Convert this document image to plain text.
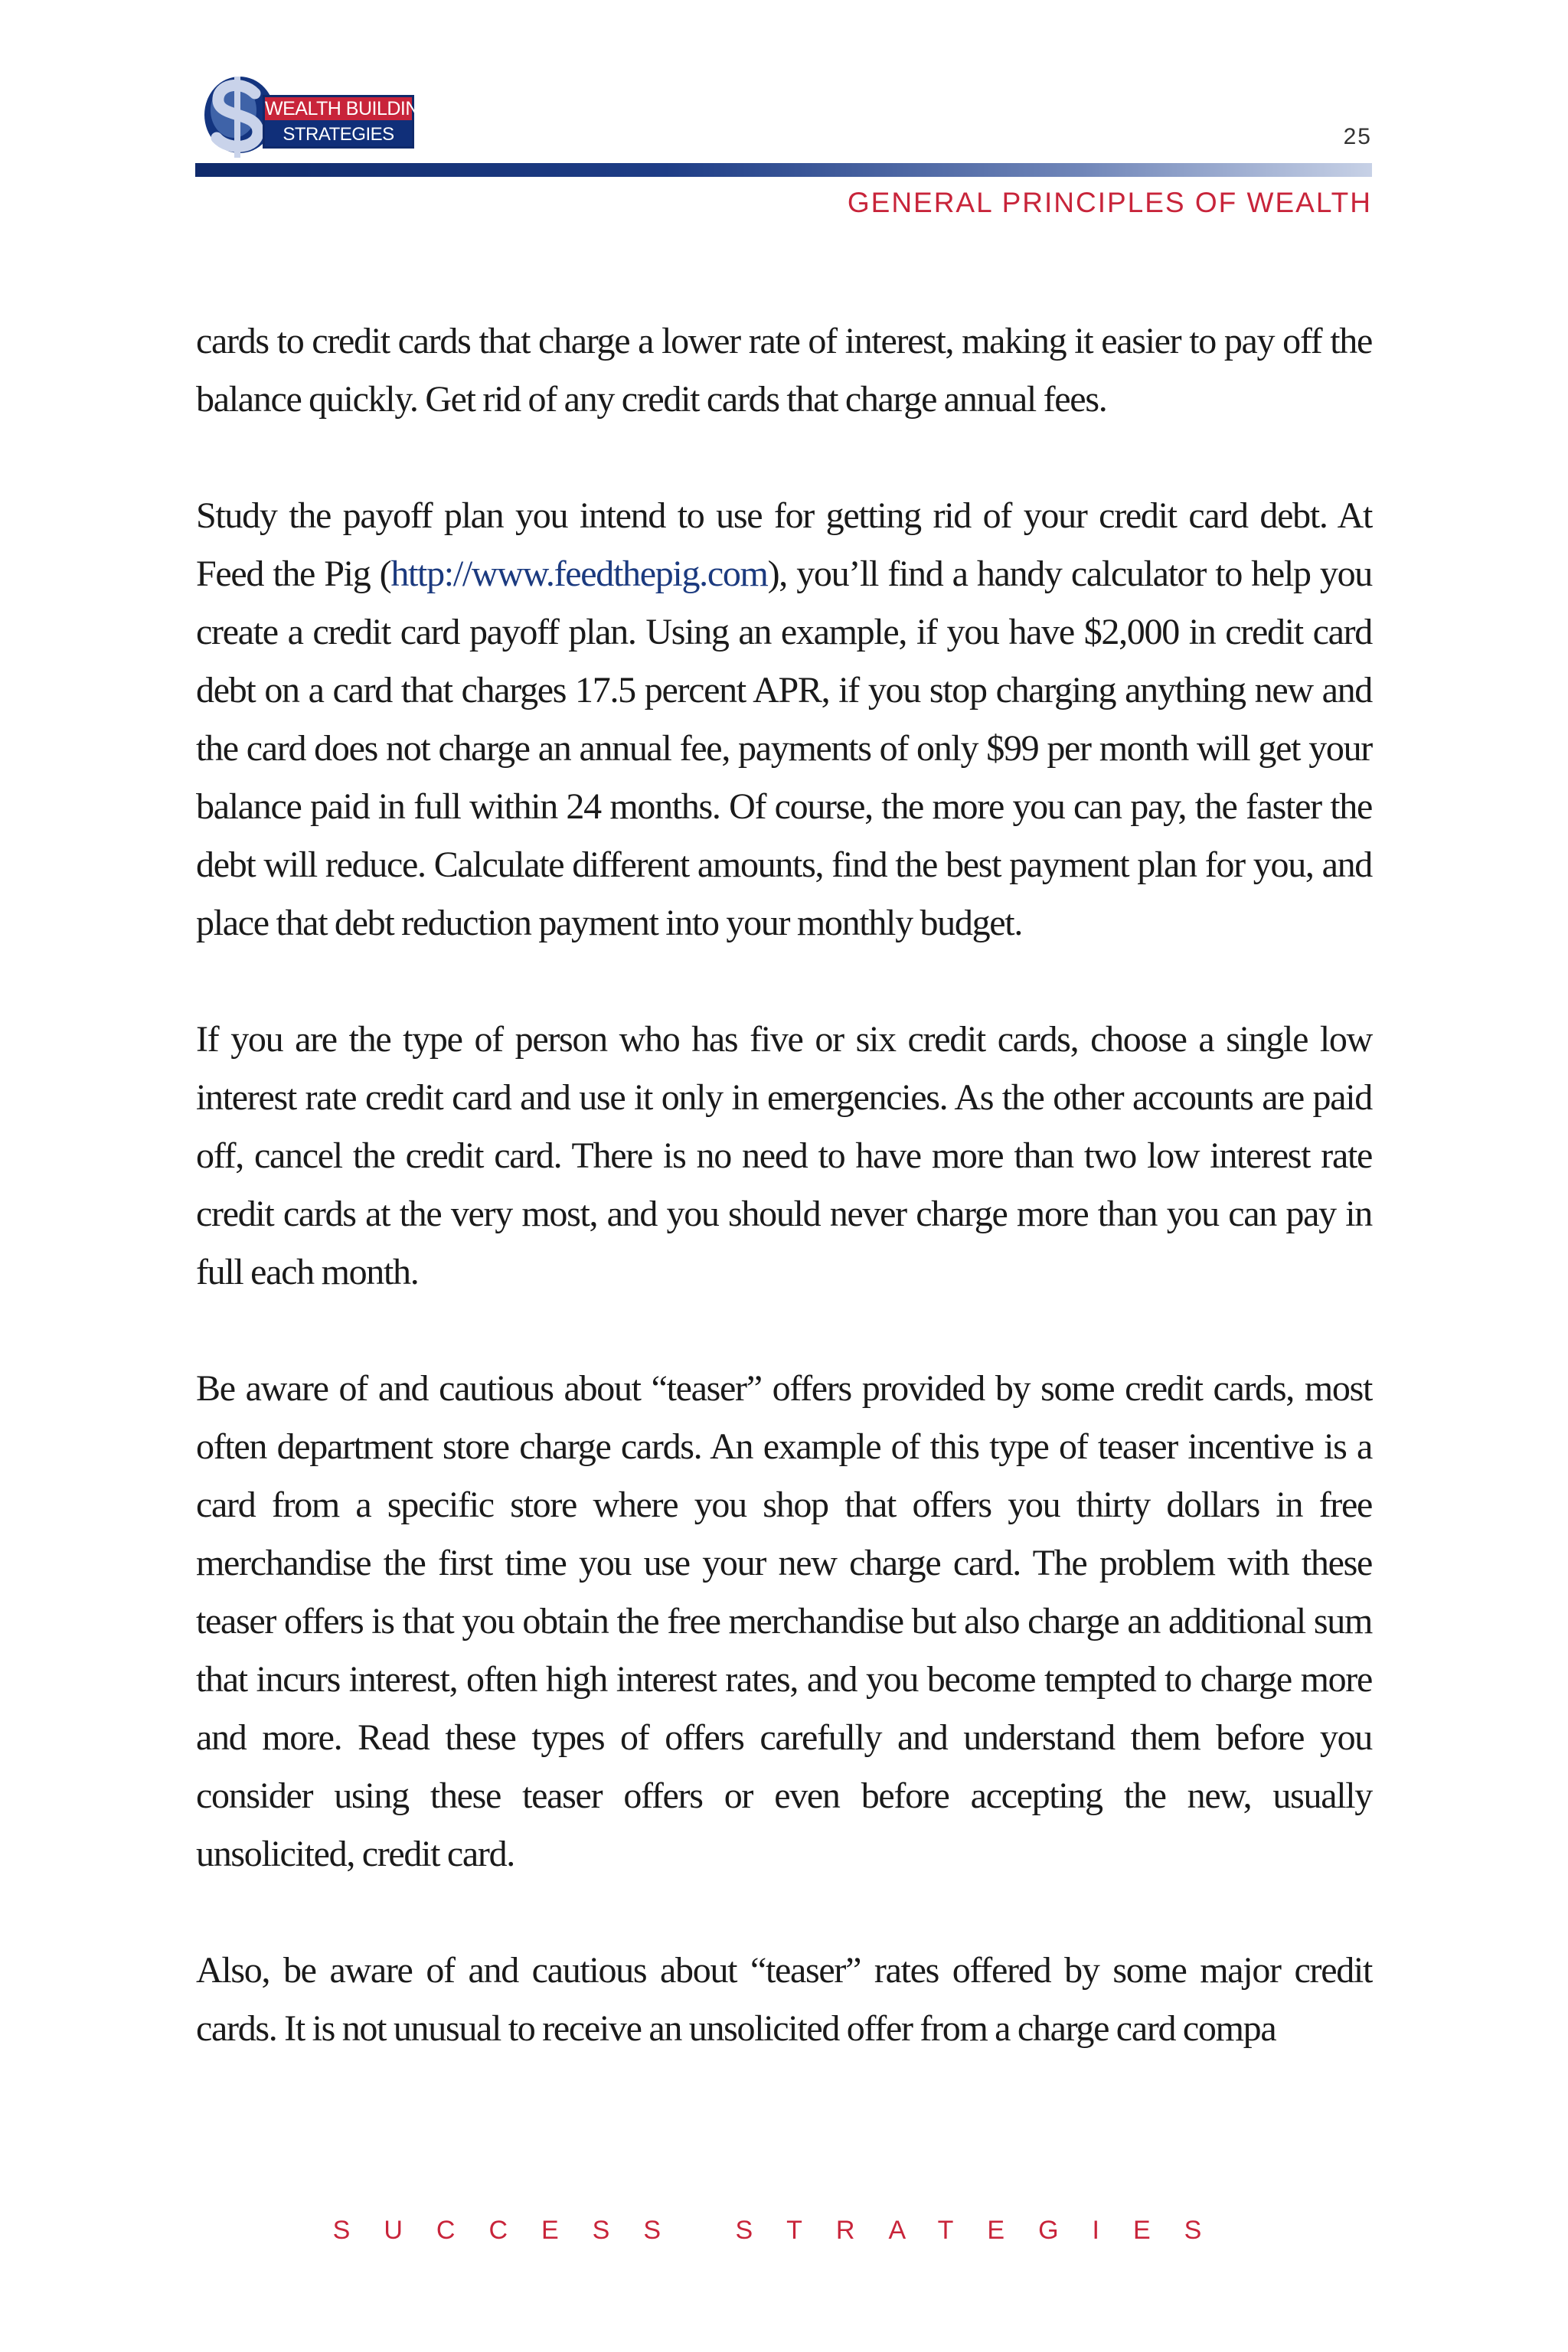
WEALTH BUILDING
STRATEGIES	25
GENERAL PRINCIPLES OF WEALTH

cards to credit cards that charge a lower rate of interest, making it easier to pay off the balance quickly. Get rid of any credit cards that charge annual fees.

Study the payoff plan you intend to use for getting rid of your credit card debt. At Feed the Pig (http://www.feedthepig.com), you’ll find a handy calculator to help you create a credit card payoff plan. Using an example, if you have $2,000 in credit card debt on a card that charges 17.5 percent APR, if you stop charging anything new and the card does not charge an annual fee, payments of only $99 per month will get your balance paid in full within 24 months. Of course, the more you can pay, the faster the debt will reduce. Calculate different amounts, find the best payment plan for you, and place that debt reduction payment into your monthly budget.

If you are the type of person who has five or six credit cards, choose a single low interest rate credit card and use it only in emergencies. As the other accounts are paid off, cancel the credit card. There is no need to have more than two low interest rate credit cards at the very most, and you should never charge more than you can pay in full each month.

Be aware of and cautious about “teaser” offers provided by some credit cards, most often department store charge cards. An example of this type of teaser incentive is a card from a specific store where you shop that offers you thirty dollars in free merchandise the first time you use your new charge card. The problem with these teaser offers is that you obtain the free merchandise but also charge an additional sum that incurs interest, often high interest rates, and you become tempted to charge more and more. Read these types of offers carefully and understand them before you consider using these teaser offers or even before accepting the new, usually unsolicited, credit card.

Also, be aware of and cautious about “teaser” rates offered by some major credit cards. It is not unusual to receive an unsolicited offer from a charge card compa

SUCCESS STRATEGIES
